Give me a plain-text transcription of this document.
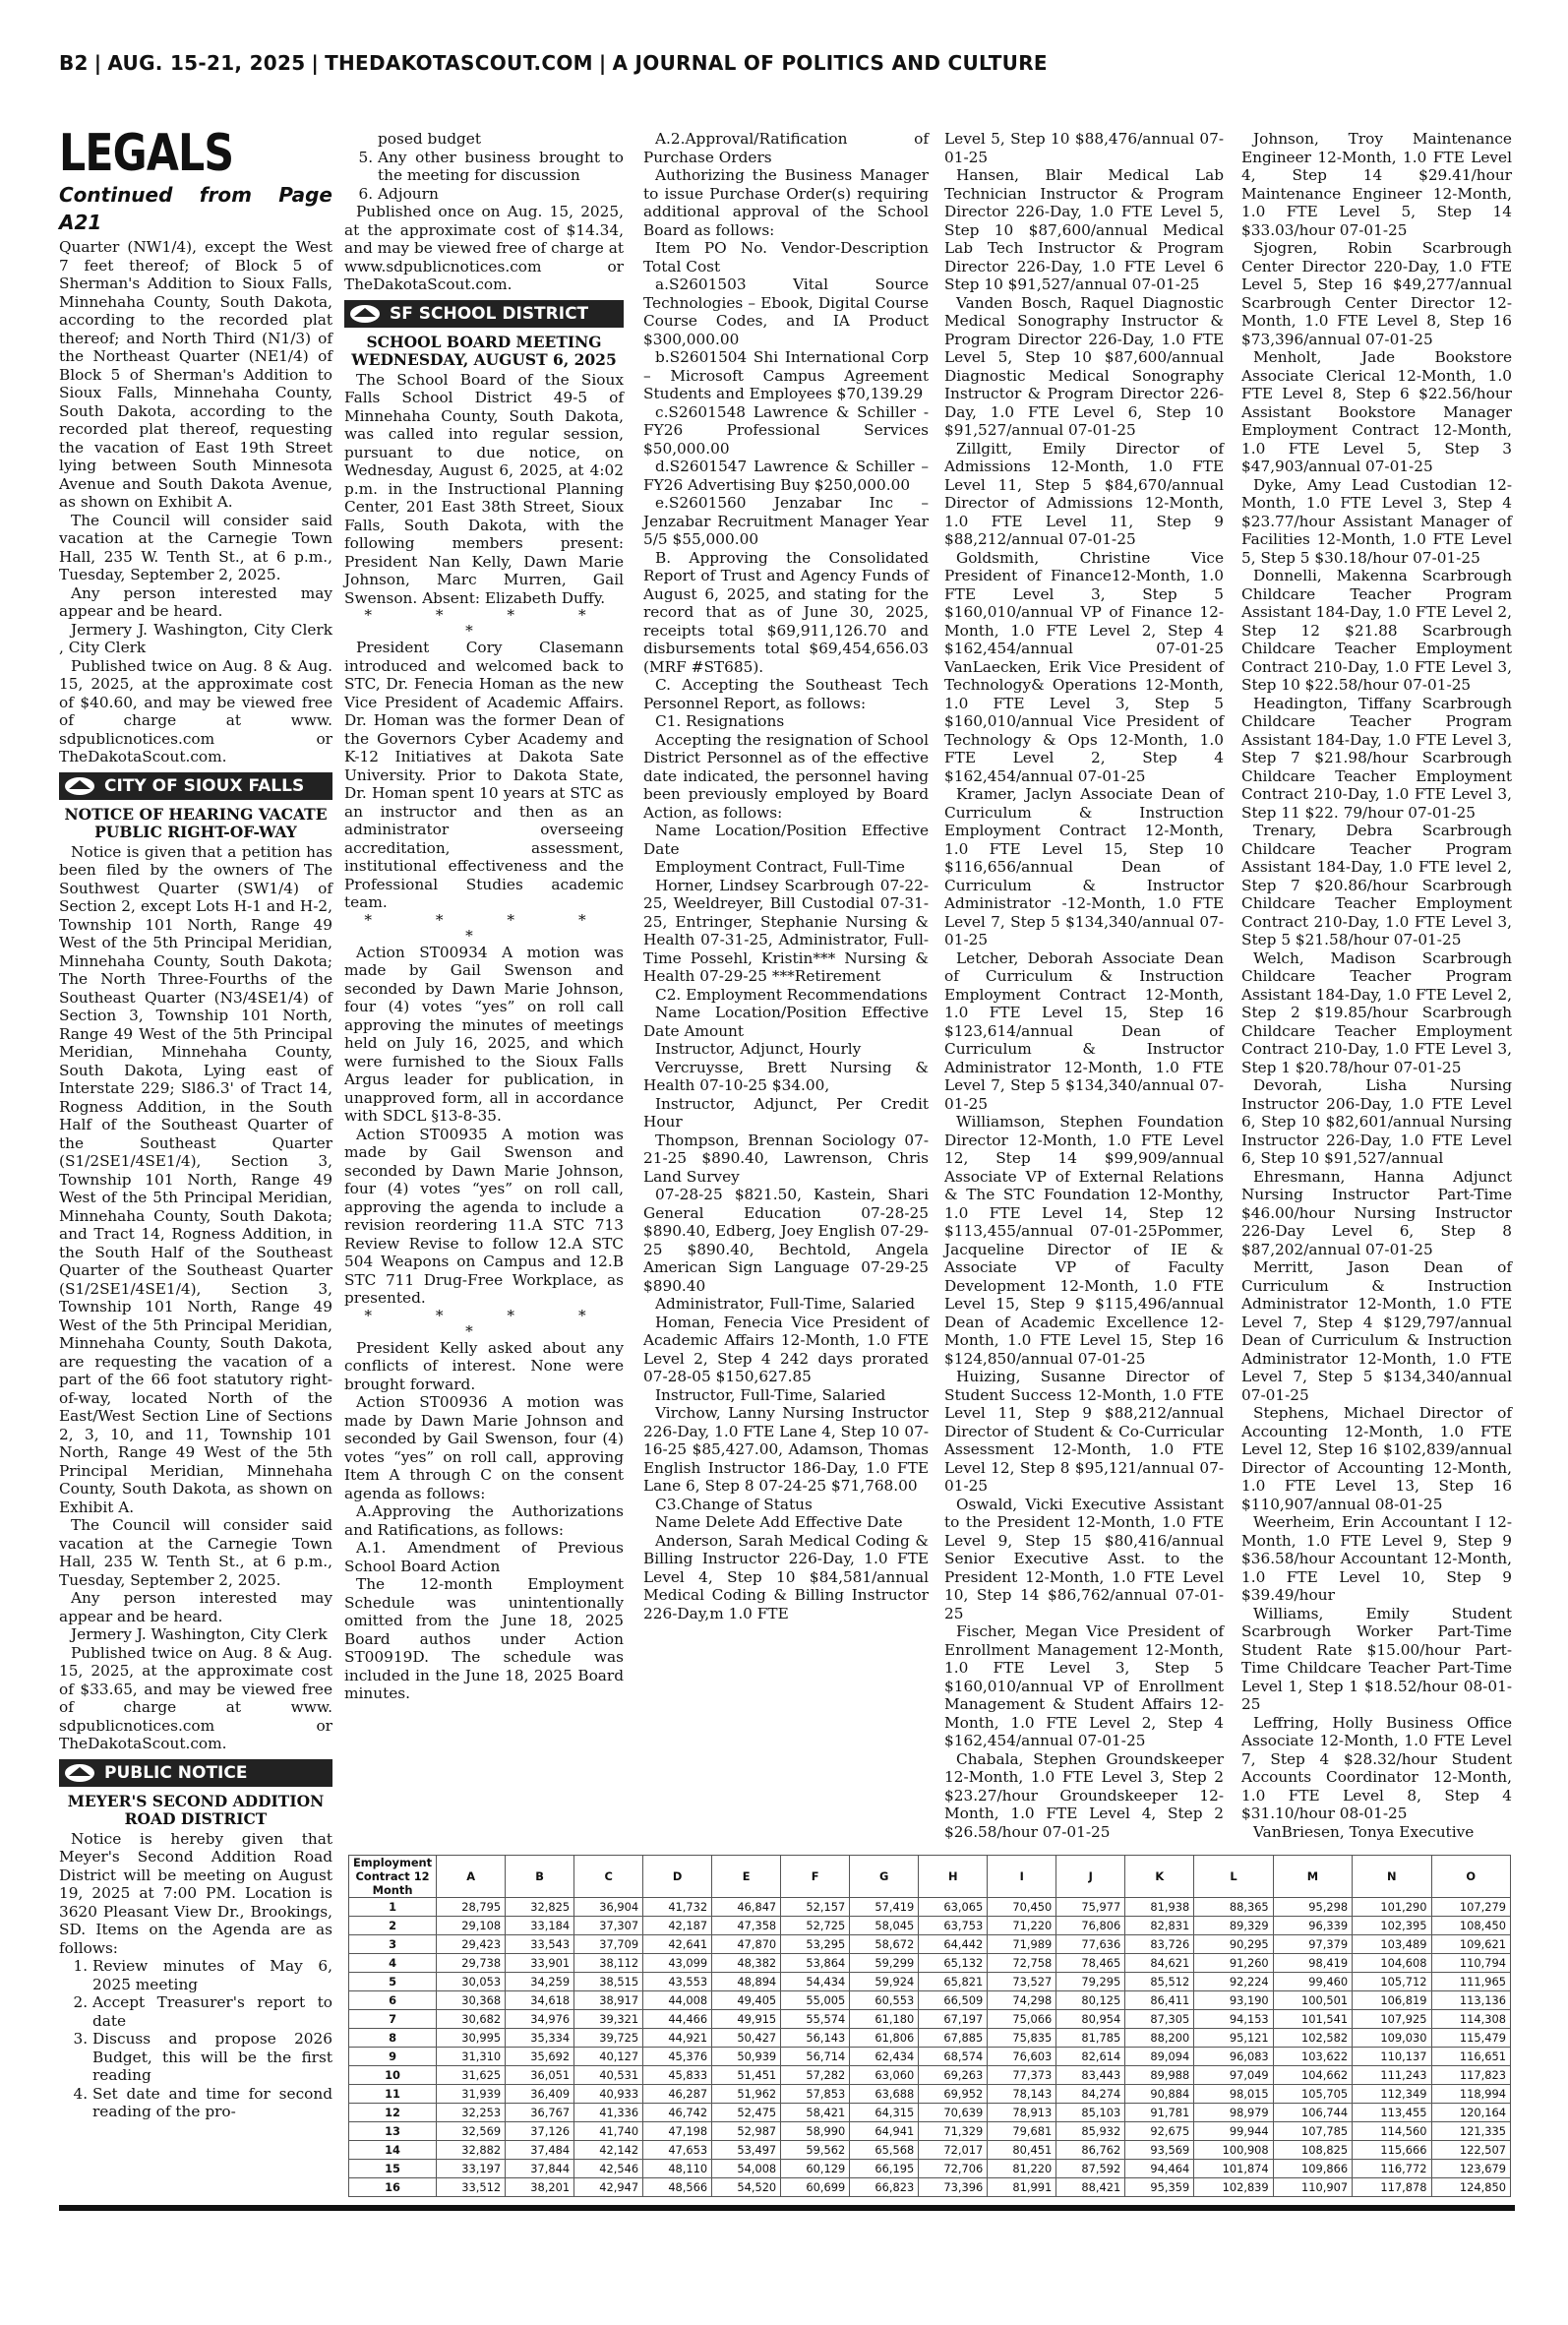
B2 | AUG. 15-21, 2025 | THEDAKOTASCOUT.COM | A JOURNAL OF POLITICS AND CULTURE
LEGALS
Continued from Page A21

Quarter (NW1/4), except the West 7 feet thereof; of Block 5 of Sherman's Addition to Sioux Falls, Minnehaha County, South Dakota, according to the recorded plat thereof; and North Third (N1/3) of the Northeast Quarter (NE1/4) of Block 5 of Sherman's Addition to Sioux Falls, Minnehaha County, South Dakota, according to the recorded plat thereof, requesting the vacation of East 19th Street lying between South Minnesota Avenue and South Dakota Avenue, as shown on Exhibit A.

The Council will consider said vacation at the Carnegie Town Hall, 235 W. Tenth St., at 6 p.m., Tuesday, September 2, 2025.

Any person interested may appear and be heard.

Jermery J. Washington, City Clerk , City Clerk

Published twice on Aug. 8 & Aug. 15, 2025, at the approximate cost of $40.60, and may be viewed free of charge at www. sdpublicnotices.com or TheDakotaScout.com.

CITY OF SIOUX FALLS
NOTICE OF HEARING VACATE PUBLIC RIGHT-OF-WAY

Notice is given that a petition has been filed by the owners of The Southwest Quarter (SW1/4) of Section 2, except Lots H-1 and H-2, Township 101 North, Range 49 West of the 5th Principal Meridian, Minnehaha County, South Dakota; The North Three-Fourths of the Southeast Quarter (N3/4SE1/4) of Section 3, Township 101 North, Range 49 West of the 5th Principal Meridian, Minnehaha County, South Dakota, Lying east of Interstate 229; Sl86.3' of Tract 14, Rogness Addition, in the South Half of the Southeast Quarter of the Southeast Quarter (S1/2SE1/4SE1/4), Section 3, Township 101 North, Range 49 West of the 5th Principal Meridian, Minnehaha County, South Dakota; and Tract 14, Rogness Addition, in the South Half of the Southeast Quarter of the Southeast Quarter (S1/2SE1/4SE1/4), Section 3, Township 101 North, Range 49 West of the 5th Principal Meridian, Minnehaha County, South Dakota, are requesting the vacation of a part of the 66 foot statutory right-of-way, located North of the East/West Section Line of Sections 2, 3, 10, and 11, Township 101 North, Range 49 West of the 5th Principal Meridian, Minnehaha County, South Dakota, as shown on Exhibit A.

The Council will consider said vacation at the Carnegie Town Hall, 235 W. Tenth St., at 6 p.m., Tuesday, September 2, 2025.

Any person interested may appear and be heard.

Jermery J. Washington, City Clerk

Published twice on Aug. 8 & Aug. 15, 2025, at the approximate cost of $33.65, and may be viewed free of charge at www. sdpublicnotices.com or TheDakotaScout.com.

PUBLIC NOTICE
MEYER'S SECOND ADDITION ROAD DISTRICT

Notice is hereby given that Meyer's Second Addition Road District will be meeting on August 19, 2025 at 7:00 PM. Location is 3620 Pleasant View Dr., Brookings, SD. Items on the Agenda are as follows:

1. Review minutes of May 6, 2025 meeting
2. Accept Treasurer's report to date
3. Discuss and propose 2026 Budget, this will be the first reading
4. Set date and time for second reading of the pro-
posed budget
5. Any other business brought to the meeting for discussion
6. Adjourn

Published once on Aug. 15, 2025, at the approximate cost of $14.34, and may be viewed free of charge at www.sdpublicnotices.com or TheDakotaScout.com.

SF SCHOOL DISTRICT
SCHOOL BOARD MEETING WEDNESDAY, AUGUST 6, 2025

The School Board of the Sioux Falls School District 49-5 of Minnehaha County, South Dakota, was called into regular session, pursuant to due notice, on Wednesday, August 6, 2025, at 4:02 p.m. in the Instructional Planning Center, 201 East 38th Street, Sioux Falls, South Dakota, with the following members present: President Nan Kelly, Dawn Marie Johnson, Marc Murren, Gail Swenson. Absent: Elizabeth Duffy.

* * * * *

President Cory Clasemann introduced and welcomed back to STC, Dr. Fenecia Homan as the new Vice President of Academic Affairs. Dr. Homan was the former Dean of the Governors Cyber Academy and K-12 Initiatives at Dakota Sate University. Prior to Dakota State, Dr. Homan spent 10 years at STC as an instructor and then as an administrator overseeing accreditation, assessment, institutional effectiveness and the Professional Studies academic team.

* * * * *

Action ST00934 A motion was made by Gail Swenson and seconded by Dawn Marie Johnson, four (4) votes “yes” on roll call approving the minutes of meetings held on July 16, 2025, and which were furnished to the Sioux Falls Argus leader for publication, in unapproved form, all in accordance with SDCL §13-8-35.

Action ST00935 A motion was made by Gail Swenson and seconded by Dawn Marie Johnson, four (4) votes “yes” on roll call, approving the agenda to include a revision reordering 11.A STC 713 Review Revise to follow 12.A STC 504 Weapons on Campus and 12.B STC 711 Drug-Free Workplace, as presented.

* * * * *

President Kelly asked about any conflicts of interest. None were brought forward.

Action ST00936 A motion was made by Dawn Marie Johnson and seconded by Gail Swenson, four (4) votes “yes” on roll call, approving Item A through C on the consent agenda as follows:

A.Approving the Authorizations and Ratifications, as follows:

A.1. Amendment of Previous School Board Action

The 12-month Employment Schedule was unintentionally omitted from the June 18, 2025 Board authos under Action ST00919D. The schedule was included in the June 18, 2025 Board minutes.

A.2.Approval/Ratification of Purchase Orders

Authorizing the Business Manager to issue Purchase Order(s) requiring additional approval of the School Board as follows:

Item PO No. Vendor-Description Total Cost

a.S2601503 Vital Source Technologies – Ebook, Digital Course Course Codes, and IA Product $300,000.00

b.S2601504 Shi International Corp – Microsoft Campus Agreement Students and Employees $70,139.29

c.S2601548 Lawrence & Schiller -FY26 Professional Services $50,000.00

d.S2601547 Lawrence & Schiller – FY26 Advertising Buy $250,000.00

e.S2601560 Jenzabar Inc – Jenzabar Recruitment Manager Year 5/5 $55,000.00

B. Approving the Consolidated Report of Trust and Agency Funds of August 6, 2025, and stating for the record that as of June 30, 2025, receipts total $69,911,126.70 and disbursements total $69,454,656.03 (MRF #ST685).

C. Accepting the Southeast Tech Personnel Report, as follows:

C1. Resignations

Accepting the resignation of School District Personnel as of the effective date indicated, the personnel having been previously employed by Board Action, as follows:

Name Location/Position Effective Date

Employment Contract, Full-Time

Horner, Lindsey Scarbrough 07-22-25, Weeldreyer, Bill Custodial 07-31-25, Entringer, Stephanie Nursing & Health 07-31-25, Administrator, Full-Time Possehl, Kristin*** Nursing & Health 07-29-25 ***Retirement

C2. Employment Recommendations

Name Location/Position Effective Date Amount

Instructor, Adjunct, Hourly

Vercruysse, Brett Nursing & Health 07-10-25 $34.00,

Instructor, Adjunct, Per Credit Hour

Thompson, Brennan Sociology 07-21-25 $890.40, Lawrenson, Chris Land Survey

07-28-25 $821.50, Kastein, Shari General Education 07-28-25 $890.40, Edberg, Joey English 07-29-25 $890.40, Bechtold, Angela American Sign Language 07-29-25 $890.40

Administrator, Full-Time, Salaried

Homan, Fenecia Vice President of Academic Affairs 12-Month, 1.0 FTE Level 2, Step 4 242 days prorated 07-28-05 $150,627.85

Instructor, Full-Time, Salaried

Virchow, Lanny Nursing Instructor 226-Day, 1.0 FTE Lane 4, Step 10 07-16-25 $85,427.00, Adamson, Thomas English Instructor 186-Day, 1.0 FTE Lane 6, Step 8 07-24-25 $71,768.00

C3.Change of Status

Name Delete Add Effective Date

Anderson, Sarah Medical Coding & Billing Instructor 226-Day, 1.0 FTE Level 4, Step 10 $84,581/annual Medical Coding & Billing Instructor 226-Day,m 1.0 FTE

Level 5, Step 10 $88,476/annual 07-01-25

Hansen, Blair Medical Lab Technician Instructor & Program Director 226-Day, 1.0 FTE Level 5, Step 10 $87,600/annual Medical Lab Tech Instructor & Program Director 226-Day, 1.0 FTE Level 6 Step 10 $91,527/annual 07-01-25

Vanden Bosch, Raquel Diagnostic Medical Sonography Instructor & Program Director 226-Day, 1.0 FTE Level 5, Step 10 $87,600/annual Diagnostic Medical Sonography Instructor & Program Director 226-Day, 1.0 FTE Level 6, Step 10 $91,527/annual 07-01-25

Zillgitt, Emily Director of Admissions 12-Month, 1.0 FTE Level 11, Step 5 $84,670/annual Director of Admissions 12-Month, 1.0 FTE Level 11, Step 9 $88,212/annual 07-01-25

Goldsmith, Christine Vice President of Finance12-Month, 1.0 FTE Level 3, Step 5 $160,010/annual VP of Finance 12-Month, 1.0 FTE Level 2, Step 4 $162,454/annual 07-01-25 VanLaecken, Erik Vice President of Technology& Operations 12-Month, 1.0 FTE Level 3, Step 5 $160,010/annual Vice President of Technology & Ops 12-Month, 1.0 FTE Level 2, Step 4 $162,454/annual 07-01-25

Kramer, Jaclyn Associate Dean of Curriculum & Instruction Employment Contract 12-Month, 1.0 FTE Level 15, Step 10 $116,656/annual Dean of Curriculum & Instructor Administrator -12-Month, 1.0 FTE Level 7, Step 5 $134,340/annual 07-01-25

Letcher, Deborah Associate Dean of Curriculum & Instruction Employment Contract 12-Month, 1.0 FTE Level 15, Step 16 $123,614/annual Dean of Curriculum & Instructor Administrator 12-Month, 1.0 FTE Level 7, Step 5 $134,340/annual 07-01-25

Williamson, Stephen Foundation Director 12-Month, 1.0 FTE Level 12, Step 14 $99,909/annual Associate VP of External Relations & The STC Foundation 12-Monthy, 1.0 FTE Level 14, Step 12 $113,455/annual 07-01-25Pommer, Jacqueline Director of IE & Associate VP of Faculty Development 12-Month, 1.0 FTE Level 15, Step 9 $115,496/annual Dean of Academic Excellence 12-Month, 1.0 FTE Level 15, Step 16 $124,850/annual 07-01-25

Huizing, Susanne Director of Student Success 12-Month, 1.0 FTE Level 11, Step 9 $88,212/annual Director of Student & Co-Curricular Assessment 12-Month, 1.0 FTE Level 12, Step 8 $95,121/annual 07-01-25

Oswald, Vicki Executive Assistant to the President 12-Month, 1.0 FTE Level 9, Step 15 $80,416/annual Senior Executive Asst. to the President 12-Month, 1.0 FTE Level 10, Step 14 $86,762/annual 07-01-25

Fischer, Megan Vice President of Enrollment Management 12-Month, 1.0 FTE Level 3, Step 5 $160,010/annual VP of Enrollment Management & Student Affairs 12-Month, 1.0 FTE Level 2, Step 4 $162,454/annual 07-01-25

Chabala, Stephen Groundskeeper 12-Month, 1.0 FTE Level 3, Step 2 $23.27/hour Groundskeeper 12-Month, 1.0 FTE Level 4, Step 2 $26.58/hour 07-01-25

Johnson, Troy Maintenance Engineer 12-Month, 1.0 FTE Level 4, Step 14 $29.41/hour Maintenance Engineer 12-Month, 1.0 FTE Level 5, Step 14 $33.03/hour 07-01-25

Sjogren, Robin Scarbrough Center Director 220-Day, 1.0 FTE Level 5, Step 16 $49,277/annual Scarbrough Center Director 12-Month, 1.0 FTE Level 8, Step 16 $73,396/annual 07-01-25

Menholt, Jade Bookstore Associate Clerical 12-Month, 1.0 FTE Level 8, Step 6 $22.56/hour Assistant Bookstore Manager Employment Contract 12-Month, 1.0 FTE Level 5, Step 3 $47,903/annual 07-01-25

Dyke, Amy Lead Custodian 12-Month, 1.0 FTE Level 3, Step 4 $23.77/hour Assistant Manager of Facilities 12-Month, 1.0 FTE Level 5, Step 5 $30.18/hour 07-01-25

Donnelli, Makenna Scarbrough Childcare Teacher Program Assistant 184-Day, 1.0 FTE Level 2, Step 12 $21.88 Scarbrough Childcare Teacher Employment Contract 210-Day, 1.0 FTE Level 3, Step 10 $22.58/hour 07-01-25

Headington, Tiffany Scarbrough Childcare Teacher Program Assistant 184-Day, 1.0 FTE Level 3, Step 7 $21.98/hour Scarbrough Childcare Teacher Employment Contract 210-Day, 1.0 FTE Level 3, Step 11 $22. 79/hour 07-01-25

Trenary, Debra Scarbrough Childcare Teacher Program Assistant 184-Day, 1.0 FTE level 2, Step 7 $20.86/hour Scarbrough Childcare Teacher Employment Contract 210-Day, 1.0 FTE Level 3, Step 5 $21.58/hour 07-01-25

Welch, Madison Scarbrough Childcare Teacher Program Assistant 184-Day, 1.0 FTE Level 2, Step 2 $19.85/hour Scarbrough Childcare Teacher Employment Contract 210-Day, 1.0 FTE Level 3, Step 1 $20.78/hour 07-01-25

Devorah, Lisha Nursing Instructor 206-Day, 1.0 FTE Level 6, Step 10 $82,601/annual Nursing Instructor 226-Day, 1.0 FTE Level 6, Step 10 $91,527/annual

Ehresmann, Hanna Adjunct Nursing Instructor Part-Time $46.00/hour Nursing Instructor 226-Day Level 6, Step 8 $87,202/annual 07-01-25

Merritt, Jason Dean of Curriculum & Instruction Administrator 12-Month, 1.0 FTE Level 7, Step 4 $129,797/annual Dean of Curriculum & Instruction Administrator 12-Month, 1.0 FTE Level 7, Step 5 $134,340/annual 07-01-25

Stephens, Michael Director of Accounting 12-Month, 1.0 FTE Level 12, Step 16 $102,839/annual Director of Accounting 12-Month, 1.0 FTE Level 13, Step 16 $110,907/annual 08-01-25

Weerheim, Erin Accountant I 12-Month, 1.0 FTE Level 9, Step 9 $36.58/hour Accountant 12-Month, 1.0 FTE Level 10, Step 9 $39.49/hour

Williams, Emily Student Scarbrough Worker Part-Time Student Rate $15.00/hour Part-Time Childcare Teacher Part-Time Level 1, Step 1 $18.52/hour 08-01-25

Leffring, Holly Business Office Associate 12-Month, 1.0 FTE Level 7, Step 4 $28.32/hour Student Accounts Coordinator 12-Month, 1.0 FTE Level 8, Step 4 $31.10/hour 08-01-25

VanBriesen, Tonya Executive

Employment Contract 12 Month	A	B	C	D	E	F	G	H	I	J	K	L	M	N	O
1	28,795	32,825	36,904	41,732	46,847	52,157	57,419	63,065	70,450	75,977	81,938	88,365	95,298	101,290	107,279
2	29,108	33,184	37,307	42,187	47,358	52,725	58,045	63,753	71,220	76,806	82,831	89,329	96,339	102,395	108,450
3	29,423	33,543	37,709	42,641	47,870	53,295	58,672	64,442	71,989	77,636	83,726	90,295	97,379	103,489	109,621
4	29,738	33,901	38,112	43,099	48,382	53,864	59,299	65,132	72,758	78,465	84,621	91,260	98,419	104,608	110,794
5	30,053	34,259	38,515	43,553	48,894	54,434	59,924	65,821	73,527	79,295	85,512	92,224	99,460	105,712	111,965
6	30,368	34,618	38,917	44,008	49,405	55,005	60,553	66,509	74,298	80,125	86,411	93,190	100,501	106,819	113,136
7	30,682	34,976	39,321	44,466	49,915	55,574	61,180	67,197	75,066	80,954	87,305	94,153	101,541	107,925	114,308
8	30,995	35,334	39,725	44,921	50,427	56,143	61,806	67,885	75,835	81,785	88,200	95,121	102,582	109,030	115,479
9	31,310	35,692	40,127	45,376	50,939	56,714	62,434	68,574	76,603	82,614	89,094	96,083	103,622	110,137	116,651
10	31,625	36,051	40,531	45,833	51,451	57,282	63,060	69,263	77,373	83,443	89,988	97,049	104,662	111,243	117,823
11	31,939	36,409	40,933	46,287	51,962	57,853	63,688	69,952	78,143	84,274	90,884	98,015	105,705	112,349	118,994
12	32,253	36,767	41,336	46,742	52,475	58,421	64,315	70,639	78,913	85,103	91,781	98,979	106,744	113,455	120,164
13	32,569	37,126	41,740	47,198	52,987	58,990	64,941	71,329	79,681	85,932	92,675	99,944	107,785	114,560	121,335
14	32,882	37,484	42,142	47,653	53,497	59,562	65,568	72,017	80,451	86,762	93,569	100,908	108,825	115,666	122,507
15	33,197	37,844	42,546	48,110	54,008	60,129	66,195	72,706	81,220	87,592	94,464	101,874	109,866	116,772	123,679
16	33,512	38,201	42,947	48,566	54,520	60,699	66,823	73,396	81,991	88,421	95,359	102,839	110,907	117,878	124,850
